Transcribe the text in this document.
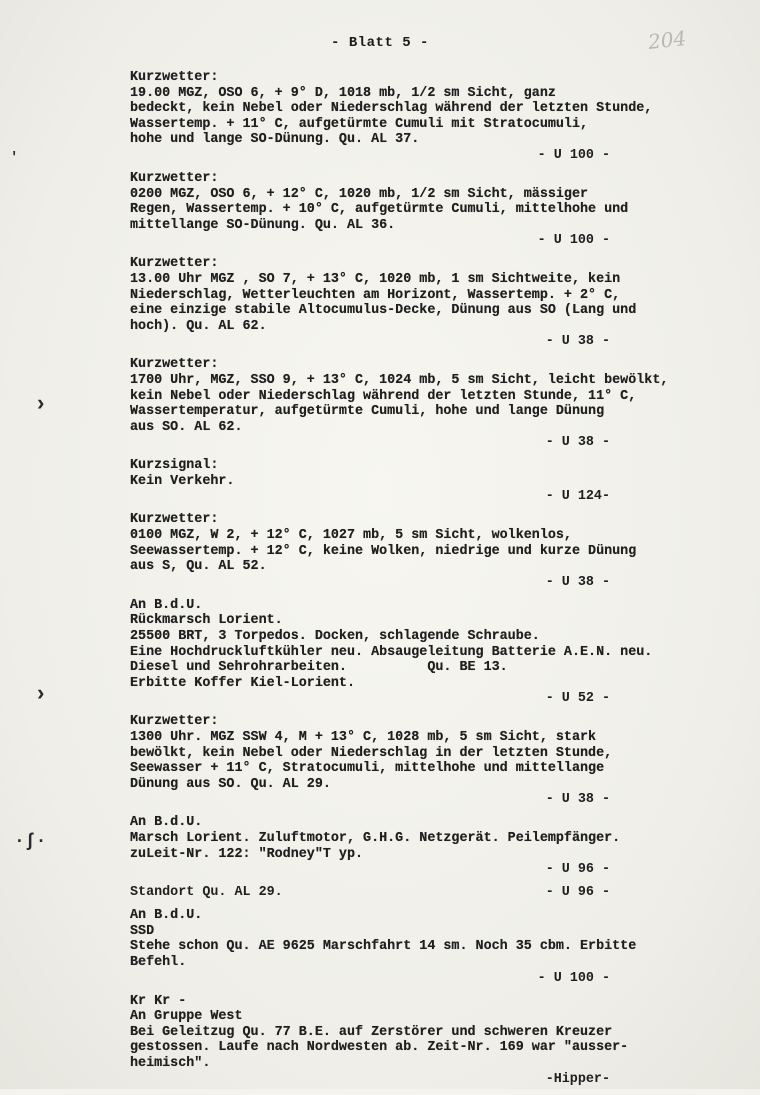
- Blatt 5 -	204
'
›
›
·ʃ·
Kurzwetter:
19.00 MGZ, OSO 6, + 9° D, 1018 mb, 1/2 sm Sicht, ganz
bedeckt, kein Nebel oder Niederschlag während der letzten Stunde,
Wassertemp. + 11° C, aufgetürmte Cumuli mit Stratocumuli,
hohe und lange SO-Dünung. Qu. AL 37.
- U 100 -
Kurzwetter:
0200 MGZ, OSO 6, + 12° C, 1020 mb, 1/2 sm Sicht, mässiger
Regen, Wassertemp. + 10° C, aufgetürmte Cumuli, mittelhohe und
mittellange SO-Dünung. Qu. AL 36.
- U 100 -
Kurzwetter:
13.00 Uhr MGZ , SO 7, + 13° C, 1020 mb, 1 sm Sichtweite, kein
Niederschlag, Wetterleuchten am Horizont, Wassertemp. + 2° C,
eine einzige stabile Altocumulus-Decke, Dünung aus SO (Lang und
hoch). Qu. AL 62.
- U 38 -
Kurzwetter:
1700 Uhr, MGZ, SSO 9, + 13° C, 1024 mb, 5 sm Sicht, leicht bewölkt,
kein Nebel oder Niederschlag während der letzten Stunde, 11° C,
Wassertemperatur, aufgetürmte Cumuli, hohe und lange Dünung
aus SO. AL 62.
- U 38 -
Kurzsignal:
Kein Verkehr.
- U 124-
Kurzwetter:
0100 MGZ, W 2, + 12° C, 1027 mb, 5 sm Sicht, wolkenlos,
Seewassertemp. + 12° C, keine Wolken, niedrige und kurze Dünung
aus S, Qu. AL 52.
- U 38 -
An B.d.U.
Rückmarsch Lorient.
25500 BRT, 3 Torpedos. Docken, schlagende Schraube.
Eine Hochdruckluftkühler neu. Absaugeleitung Batterie A.E.N. neu.
Diesel und Sehrohrarbeiten.          Qu. BE 13.
Erbitte Koffer Kiel-Lorient.
- U 52 -
Kurzwetter:
1300 Uhr. MGZ SSW 4, M + 13° C, 1028 mb, 5 sm Sicht, stark
bewölkt, kein Nebel oder Niederschlag in der letzten Stunde,
Seewasser + 11° C, Stratocumuli, mittelhohe und mittellange
Dünung aus SO. Qu. AL 29.
- U 38 -
An B.d.U.
Marsch Lorient. Zuluftmotor, G.H.G. Netzgerät. Peilempfänger.
zuLeit-Nr. 122: "Rodney"T yp.
- U 96 -
Standort Qu. AL 29.	- U 96 -
An B.d.U.
SSD
Stehe schon Qu. AE 9625 Marschfahrt 14 sm. Noch 35 cbm. Erbitte
Befehl.
- U 100 -
Kr Kr -
An Gruppe West
Bei Geleitzug Qu. 77 B.E. auf Zerstörer und schweren Kreuzer
gestossen. Laufe nach Nordwesten ab. Zeit-Nr. 169 war "ausser-
heimisch".
-Hipper-
